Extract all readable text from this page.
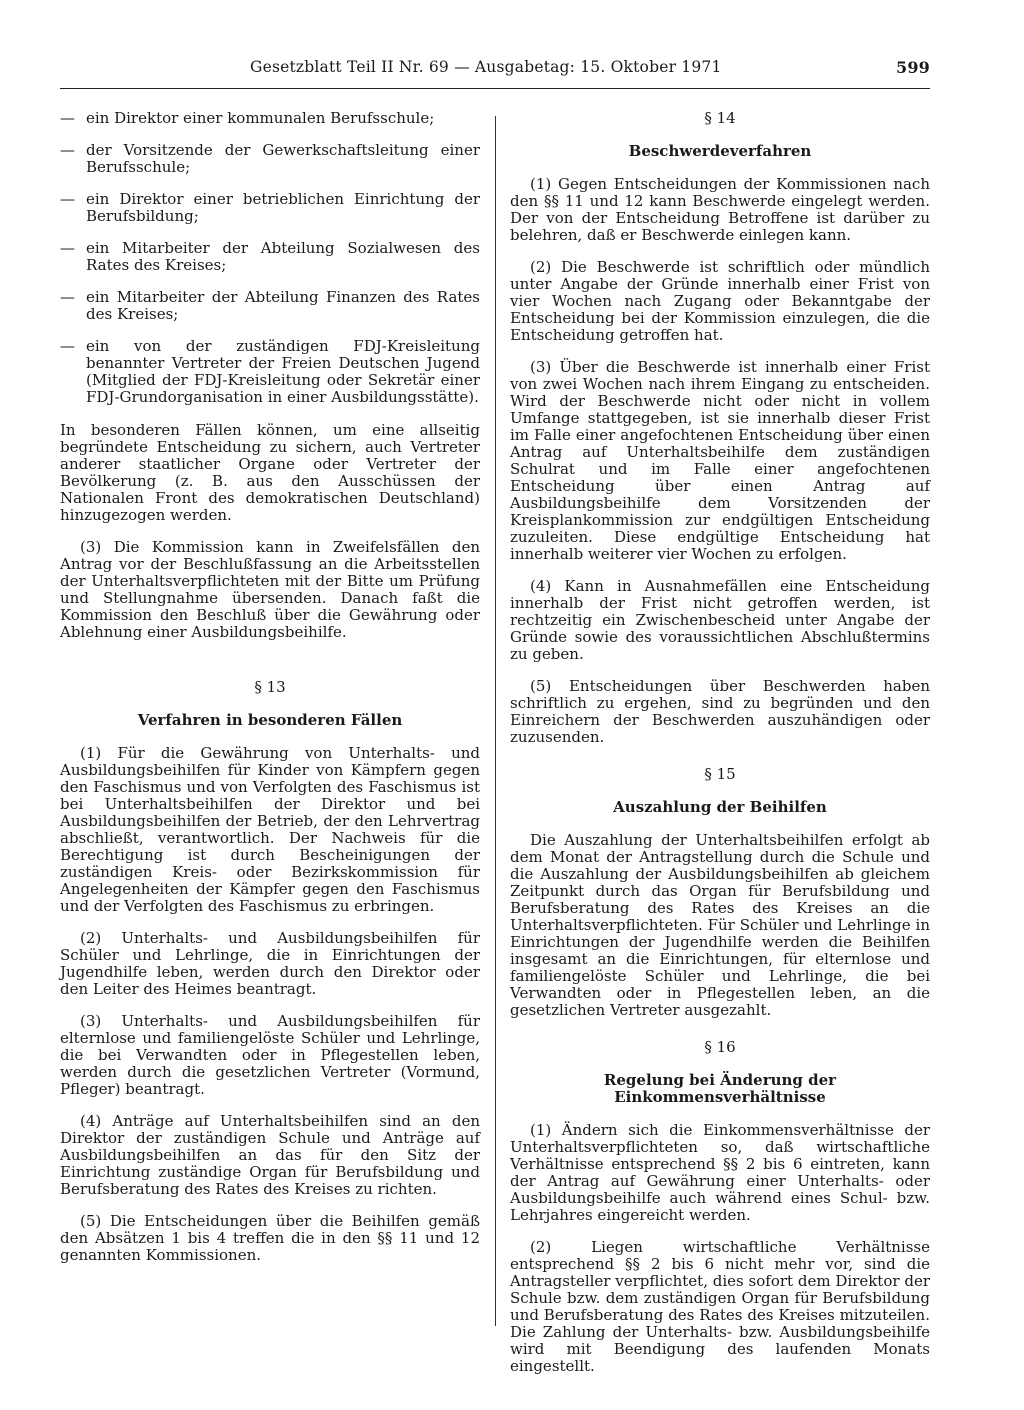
Gesetzblatt Teil II Nr. 69 — Ausgabetag: 15. Oktober 1971	599
— ein Direktor einer kommunalen Berufsschule;
— der Vorsitzende der Gewerkschaftsleitung einer Berufsschule;
— ein Direktor einer betrieblichen Einrichtung der Berufsbildung;
— ein Mitarbeiter der Abteilung Sozialwesen des Rates des Kreises;
— ein Mitarbeiter der Abteilung Finanzen des Rates des Kreises;
— ein von der zuständigen FDJ-Kreisleitung benannter Vertreter der Freien Deutschen Jugend (Mitglied der FDJ-Kreisleitung oder Sekretär einer FDJ-Grundorganisation in einer Ausbildungsstätte).

In besonderen Fällen können, um eine allseitig begründete Entscheidung zu sichern, auch Vertreter anderer staatlicher Organe oder Vertreter der Bevölkerung (z. B. aus den Ausschüssen der Nationalen Front des demokratischen Deutschland) hinzugezogen werden.

(3) Die Kommission kann in Zweifelsfällen den Antrag vor der Beschlußfassung an die Arbeitsstellen der Unterhaltsverpflichteten mit der Bitte um Prüfung und Stellungnahme übersenden. Danach faßt die Kommission den Beschluß über die Gewährung oder Ablehnung einer Ausbildungsbeihilfe.

§ 13

Verfahren in besonderen Fällen

(1) Für die Gewährung von Unterhalts- und Ausbildungsbeihilfen für Kinder von Kämpfern gegen den Faschismus und von Verfolgten des Faschismus ist bei Unterhaltsbeihilfen der Direktor und bei Ausbildungsbeihilfen der Betrieb, der den Lehrvertrag abschließt, verantwortlich. Der Nachweis für die Berechtigung ist durch Bescheinigungen der zuständigen Kreis- oder Bezirkskommission für Angelegenheiten der Kämpfer gegen den Faschismus und der Verfolgten des Faschismus zu erbringen.

(2) Unterhalts- und Ausbildungsbeihilfen für Schüler und Lehrlinge, die in Einrichtungen der Jugendhilfe leben, werden durch den Direktor oder den Leiter des Heimes beantragt.

(3) Unterhalts- und Ausbildungsbeihilfen für elternlose und familiengelöste Schüler und Lehrlinge, die bei Verwandten oder in Pflegestellen leben, werden durch die gesetzlichen Vertreter (Vormund, Pfleger) beantragt.

(4) Anträge auf Unterhaltsbeihilfen sind an den Direktor der zuständigen Schule und Anträge auf Ausbildungsbeihilfen an das für den Sitz der Einrichtung zuständige Organ für Berufsbildung und Berufsberatung des Rates des Kreises zu richten.

(5) Die Entscheidungen über die Beihilfen gemäß den Absätzen 1 bis 4 treffen die in den §§ 11 und 12 genannten Kommissionen.

§ 14

Beschwerdeverfahren

(1) Gegen Entscheidungen der Kommissionen nach den §§ 11 und 12 kann Beschwerde eingelegt werden. Der von der Entscheidung Betroffene ist darüber zu belehren, daß er Beschwerde einlegen kann.

(2) Die Beschwerde ist schriftlich oder mündlich unter Angabe der Gründe innerhalb einer Frist von vier Wochen nach Zugang oder Bekanntgabe der Entscheidung bei der Kommission einzulegen, die die Entscheidung getroffen hat.

(3) Über die Beschwerde ist innerhalb einer Frist von zwei Wochen nach ihrem Eingang zu entscheiden. Wird der Beschwerde nicht oder nicht in vollem Umfange stattgegeben, ist sie innerhalb dieser Frist im Falle einer angefochtenen Entscheidung über einen Antrag auf Unterhaltsbeihilfe dem zuständigen Schulrat und im Falle einer angefochtenen Entscheidung über einen Antrag auf Ausbildungsbeihilfe dem Vorsitzenden der Kreisplankommission zur endgültigen Entscheidung zuzuleiten. Diese endgültige Entscheidung hat innerhalb weiterer vier Wochen zu erfolgen.

(4) Kann in Ausnahmefällen eine Entscheidung innerhalb der Frist nicht getroffen werden, ist rechtzeitig ein Zwischenbescheid unter Angabe der Gründe sowie des voraussichtlichen Abschlußtermins zu geben.

(5) Entscheidungen über Beschwerden haben schriftlich zu ergehen, sind zu begründen und den Einreichern der Beschwerden auszuhändigen oder zuzusenden.

§ 15

Auszahlung der Beihilfen

Die Auszahlung der Unterhaltsbeihilfen erfolgt ab dem Monat der Antragstellung durch die Schule und die Auszahlung der Ausbildungsbeihilfen ab gleichem Zeitpunkt durch das Organ für Berufsbildung und Berufsberatung des Rates des Kreises an die Unterhaltsverpflichteten. Für Schüler und Lehrlinge in Einrichtungen der Jugendhilfe werden die Beihilfen insgesamt an die Einrichtungen, für elternlose und familiengelöste Schüler und Lehrlinge, die bei Verwandten oder in Pflegestellen leben, an die gesetzlichen Vertreter ausgezahlt.

§ 16

Regelung bei Änderung der Einkommensverhältnisse

(1) Ändern sich die Einkommensverhältnisse der Unterhaltsverpflichteten so, daß wirtschaftliche Verhältnisse entsprechend §§ 2 bis 6 eintreten, kann der Antrag auf Gewährung einer Unterhalts- oder Ausbildungsbeihilfe auch während eines Schul- bzw. Lehrjahres eingereicht werden.

(2) Liegen wirtschaftliche Verhältnisse entsprechend §§ 2 bis 6 nicht mehr vor, sind die Antragsteller verpflichtet, dies sofort dem Direktor der Schule bzw. dem zuständigen Organ für Berufsbildung und Berufsberatung des Rates des Kreises mitzuteilen. Die Zahlung der Unterhalts- bzw. Ausbildungsbeihilfe wird mit Beendigung des laufenden Monats eingestellt.
